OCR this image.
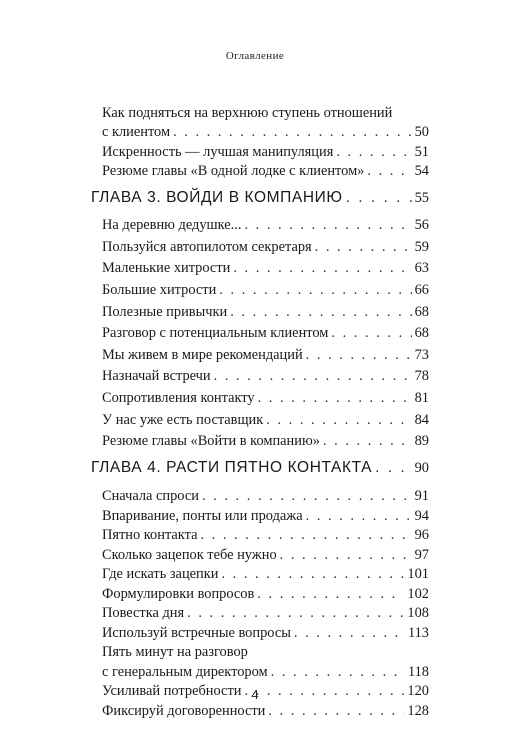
Оглавление
Как подняться на верхнюю ступень отношений
с клиентом . . .	50
Искренность — лучшая манипуляция . . .	51
Резюме главы «В одной лодке с клиентом» . . .	54
ГЛАВА 3. ВОЙДИ В КОМПАНИЮ . . .	55
На деревню дедушке... . . .	56
Пользуйся автопилотом секретаря . . .	59
Маленькие хитрости . . .	63
Большие хитрости . . .	66
Полезные привычки . . .	68
Разговор с потенциальным клиентом . . .	68
Мы живем в мире рекомендаций . . .	73
Назначай встречи . . .	78
Сопротивления контакту . . .	81
У нас уже есть поставщик . . .	84
Резюме главы «Войти в компанию» . . .	89
ГЛАВА 4. РАСТИ ПЯТНО КОНТАКТА . . .	90
Сначала спроси . . .	91
Впаривание, понты или продажа . . .	94
Пятно контакта . . .	96
Сколько зацепок тебе нужно . . .	97
Где искать зацепки . . .	101
Формулировки вопросов . . .	102
Повестка дня . . .	108
Используй встречные вопросы . . .	113
4
Пять минут на разговор
с генеральным директором . . .	118
Усиливай потребности . . .	120
Фиксируй договоренности . . .	128
